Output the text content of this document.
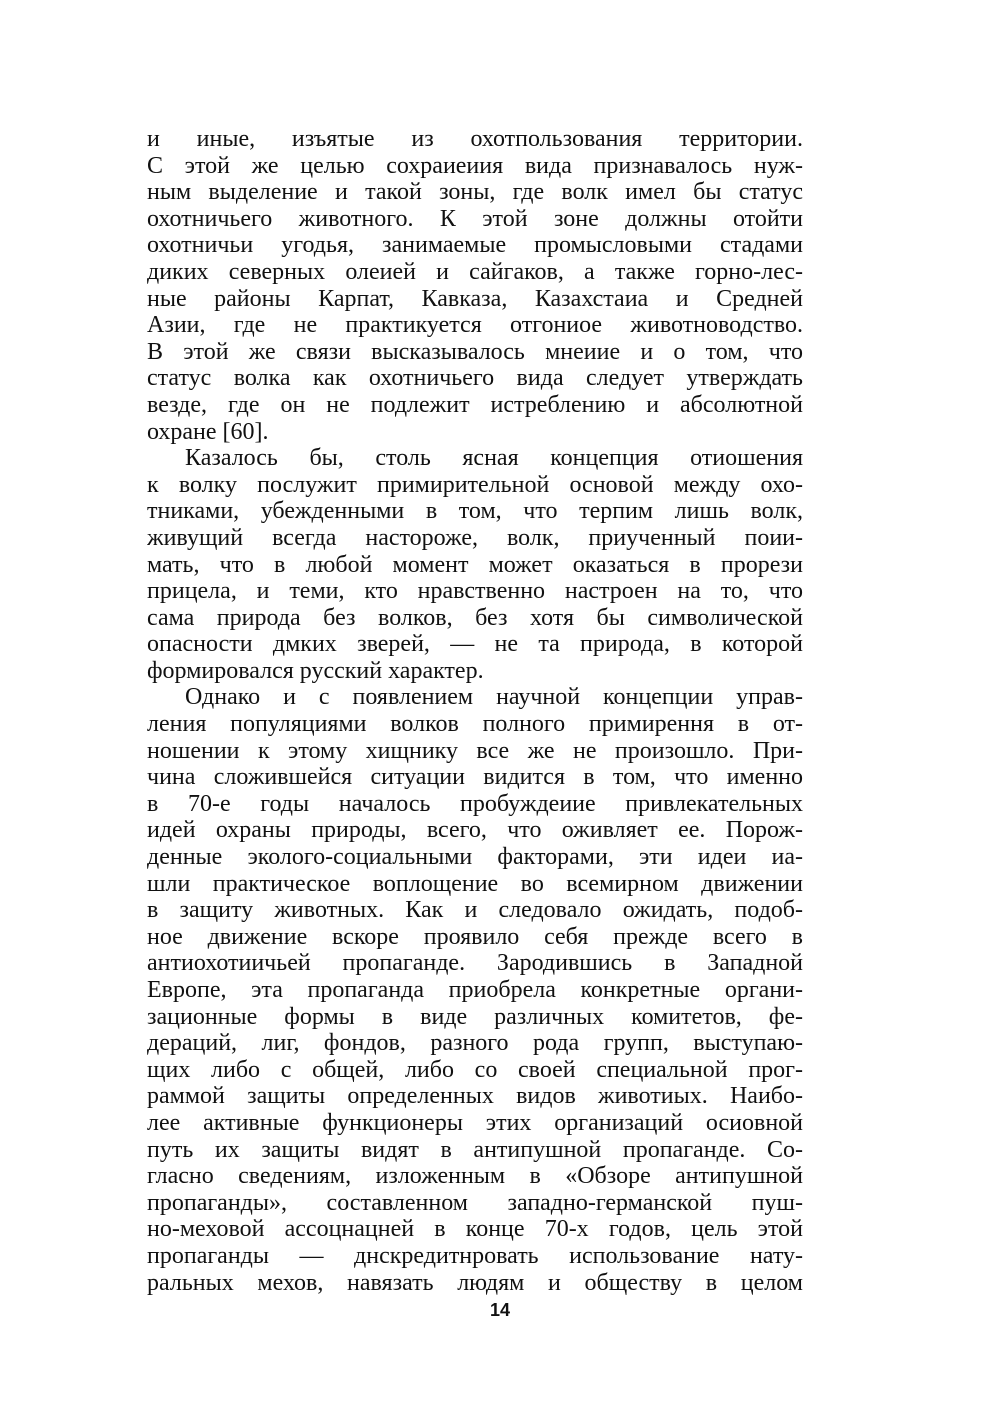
и иные, изъятые из охотпользования территории.
С этой же целью сохраиеиия вида признавалось нуж-
ным выделение и такой зоны, где волк имел бы статус
охотничьего животного. К этой зоне должны отойти
охотничьи угодья, занимаемые промысловыми стадами
диких северных олеией и сайгаков, а также горно-лес-
ные районы Карпат, Кавказа, Казахстаиа и Средней
Азии, где не практикуется отгониое животноводство.
В этой же связи высказывалось мнеиие и о том, что
статус волка как охотничьего вида следует утверждать
везде, где он не подлежит истреблению и абсолютной
охране [60].
Казалось бы, столь ясная концепция отиошения
к волку послужит примирительной основой между охо-
тниками, убежденными в том, что терпим лишь волк,
живущий всегда настороже, волк, приученный поии-
мать, что в любой момент может оказаться в прорези
прицела, и теми, кто нравственно настроен на то, что
сама природа без волков, без хотя бы символической
опасности дмких зверей, — не та природа, в которой
формировался русский характер.
Однако и с появлением научной концепции управ-
ления популяциями волков полного примирення в от-
ношении к этому хищнику все же не произошло. При-
чина сложившейся ситуации видится в том, что именно
в 70-е годы началось пробуждеиие привлекательных
идей охраны природы, всего, что оживляет ее. Порож-
денные эколого-социальными факторами, эти идеи иа-
шли практическое воплощение во всемирном движении
в защиту животных. Как и следовало ожидать, подоб-
ное движение вскоре проявило себя прежде всего в
антиохотиичьей пропаганде. Зародившись в Западной
Европе, эта пропаганда приобрела конкретные органи-
зационные формы в виде различных комитетов, фе-
дераций, лиг, фондов, разного рода групп, выступаю-
щих либо с общей, либо со своей специальной прог-
раммой защиты определенных видов животиых. Наибо-
лее активные функционеры этих организаций осиовной
путь их защиты видят в антипушной пропаганде. Со-
гласно сведениям, изложенным в «Обзоре антипушной
пропаганды», составленном западно-германской пуш-
но-меховой ассоцнацней в конце 70-х годов, цель этой
пропаганды — днскредитнровать использование нату-
ральных мехов, навязать людям и обществу в целом
14
